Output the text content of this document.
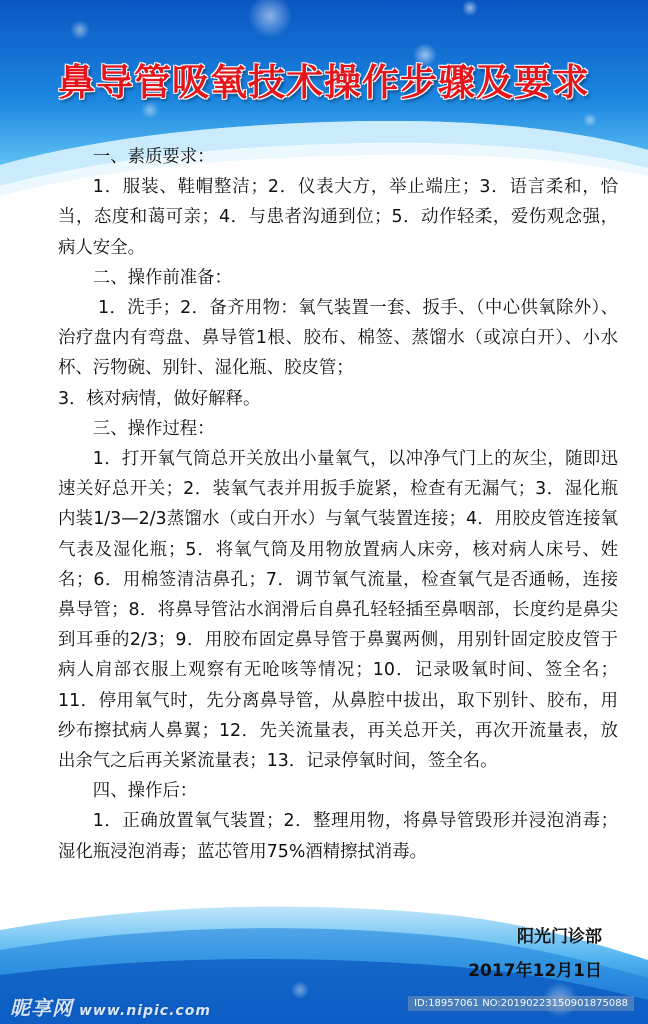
鼻导管吸氧技术操作步骤及要求

一、素质要求：

1．服装、鞋帽整洁；2．仪表大方，举止端庄；3．语言柔和，恰当，态度和蔼可亲；4．与患者沟通到位；5．动作轻柔，爱伤观念强，病人安全。

二、操作前准备：

1．洗手；2．备齐用物：氧气装置一套、扳手、（中心供氧除外）、治疗盘内有弯盘、鼻导管1根、胶布、棉签、蒸馏水（或凉白开）、小水杯、污物碗、别针、湿化瓶、胶皮管；

3．核对病情，做好解释。

三、操作过程：

1．打开氧气筒总开关放出小量氧气，以冲净气门上的灰尘，随即迅速关好总开关；2．装氧气表并用扳手旋紧，检查有无漏气；3．湿化瓶内装1/3—2/3蒸馏水（或白开水）与氧气装置连接；4．用胶皮管连接氧气表及湿化瓶；5．将氧气筒及用物放置病人床旁，核对病人床号、姓名；6．用棉签清洁鼻孔；7．调节氧气流量，检查氧气是否通畅，连接鼻导管；8．将鼻导管沾水润滑后自鼻孔轻轻插至鼻咽部，长度约是鼻尖到耳垂的2/3；9．用胶布固定鼻导管于鼻翼两侧，用别针固定胶皮管于病人肩部衣服上观察有无呛咳等情况；10．记录吸氧时间、签全名；11．停用氧气时，先分离鼻导管，从鼻腔中拔出，取下别针、胶布，用纱布擦拭病人鼻翼；12．先关流量表，再关总开关，再次开流量表，放出余气之后再关紧流量表；13．记录停氧时间，签全名。

四、操作后：

1．正确放置氧气装置；2．整理用物，将鼻导管毁形并浸泡消毒；湿化瓶浸泡消毒；蓝芯管用75%酒精擦拭消毒。

阳光门诊部
2017年12月1日
昵享网 www.nipic.com	ID:18957061 NO:20190223150901875088
